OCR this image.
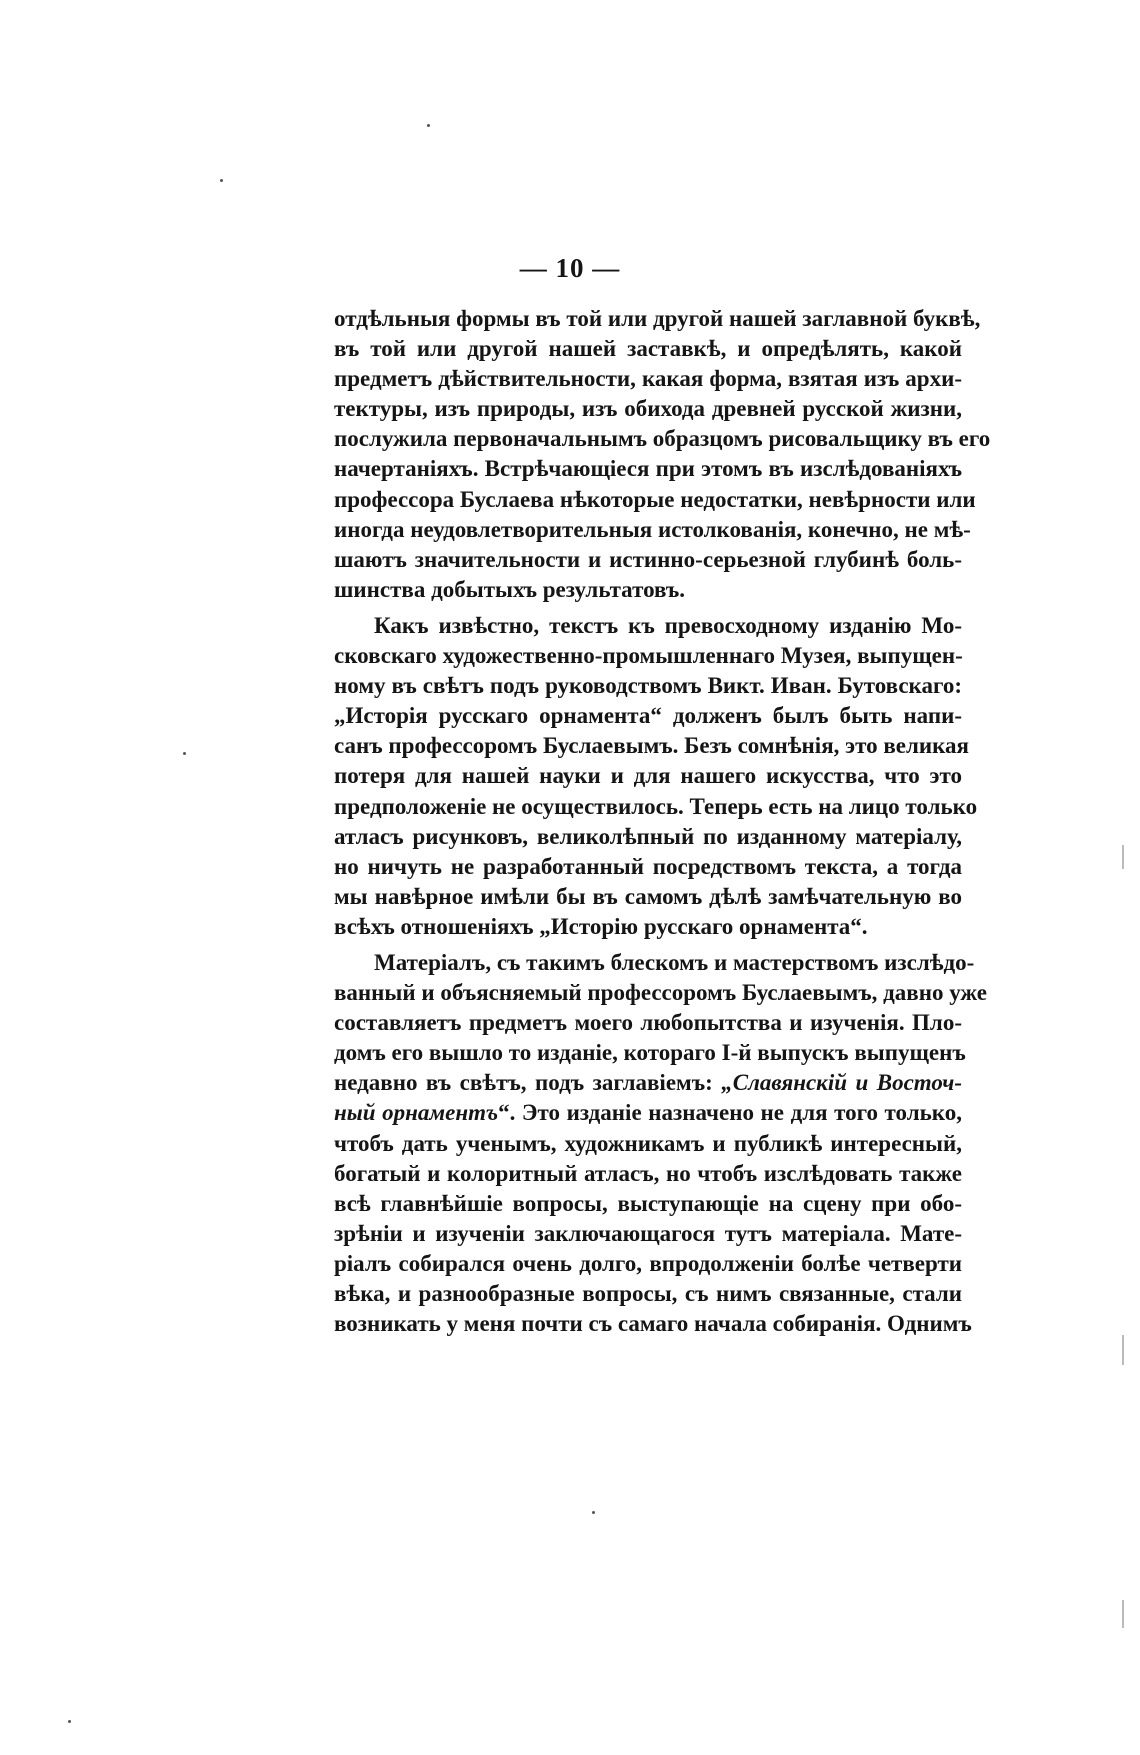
— 10 —
отдѣльныя формы въ той или другой нашей заглавной буквѣ,
въ той или другой нашей заставкѣ, и опредѣлять, какой
предметъ дѣйствительности, какая форма, взятая изъ архи-
тектуры, изъ природы, изъ обихода древней русской жизни,
послужила первоначальнымъ образцомъ рисовальщику въ его
начертаніяхъ. Встрѣчающіеся при этомъ въ изслѣдованіяхъ
профессора Буслаева нѣкоторые недостатки, невѣрности или
иногда неудовлетворительныя истолкованія, конечно, не мѣ-
шаютъ значительности и истинно-серьезной глубинѣ боль-
шинства добытыхъ результатовъ.
Какъ извѣстно, текстъ къ превосходному изданію Мо-
сковскаго художественно-промышленнаго Музея, выпущен-
ному въ свѣтъ подъ руководствомъ Викт. Иван. Бутовскаго:
„Исторія русскаго орнамента“ долженъ былъ быть напи-
санъ профессоромъ Буслаевымъ. Безъ сомнѣнія, это великая
потеря для нашей науки и для нашего искусства, что это
предположеніе не осуществилось. Теперь есть на лицо только
атласъ рисунковъ, великолѣпный по изданному матеріалу,
но ничуть не разработанный посредствомъ текста, а тогда
мы навѣрное имѣли бы въ самомъ дѣлѣ замѣчательную во
всѣхъ отношеніяхъ „Исторію русскаго орнамента“.
Матеріалъ, съ такимъ блескомъ и мастерствомъ изслѣдо-
ванный и объясняемый профессоромъ Буслаевымъ, давно уже
составляетъ предметъ моего любопытства и изученія. Пло-
домъ его вышло то изданіе, котораго I-й выпускъ выпущенъ
недавно въ свѣтъ, подъ заглавіемъ: „Славянскій и Восточ-
ный орнаментъ“. Это изданіе назначено не для того только,
чтобъ дать ученымъ, художникамъ и публикѣ интересный,
богатый и колоритный атласъ, но чтобъ изслѣдовать также
всѣ главнѣйшіе вопросы, выступающіе на сцену при обо-
зрѣніи и изученіи заключающагося тутъ матеріала. Мате-
ріалъ собирался очень долго, впродолженіи болѣе четверти
вѣка, и разнообразные вопросы, съ нимъ связанные, стали
возникать у меня почти съ самаго начала собиранія. Однимъ
